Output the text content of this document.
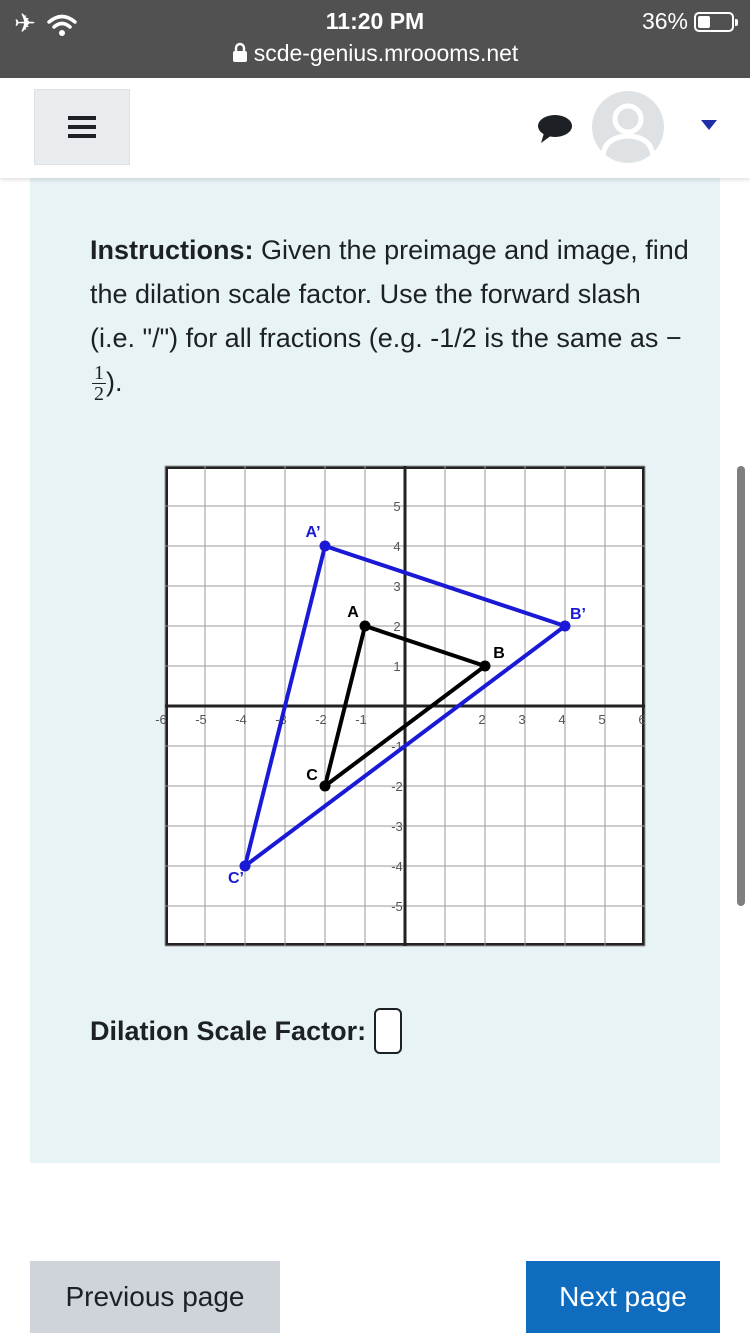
✈	11:20 PM
scde-genius.mroooms.net
36%
Instructions: Given the preimage and image, find the dilation scale factor. Use the forward slash (i.e. "/") for all fractions (e.g. -1/2 is the same as −
$\frac{1}{2}$ ).
-6 -5 -4 -3 -2 -1	2	3	4	5	6
5
4
3
2
1
-1
-2
-3
-4
-5
A’
B’
C’
A
B
C
Dilation Scale Factor:
Previous page	Next page
